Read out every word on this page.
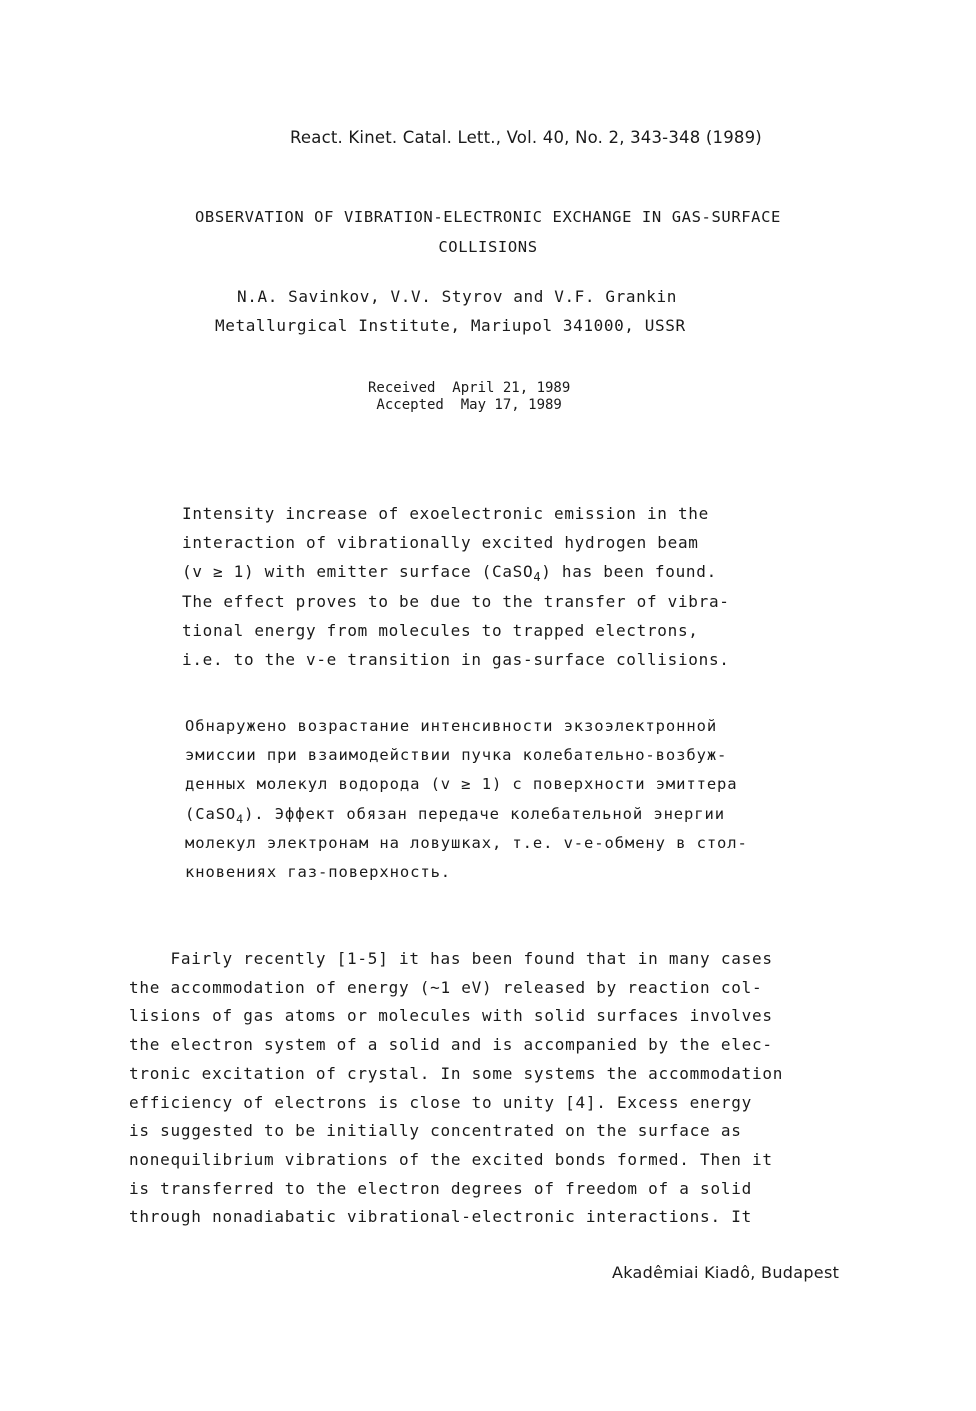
React. Kinet. Catal. Lett., Vol. 40, No. 2, 343-348 (1989)
OBSERVATION OF VIBRATION-ELECTRONIC EXCHANGE IN GAS-SURFACE
COLLISIONS
N.A. Savinkov, V.V. Styrov and V.F. Grankin
Metallurgical Institute, Mariupol 341000, USSR
Received  April 21, 1989
Accepted  May 17, 1989
Intensity increase of exoelectronic emission in the
interaction of vibrationally excited hydrogen beam
(v ≥ 1) with emitter surface (CaSO$_4$) has been found.
The effect proves to be due to the transfer of vibra-
tional energy from molecules to trapped electrons,
i.e. to the v-e transition in gas-surface collisions.
Обнаружено возрастание интенсивности экзоэлектронной
эмиссии при взаимодействии пучка колебательно-возбуж-
денных молекул водорода (v ≥ 1) с поверхности эмиттера
(CaSO$_4$). Эффект обязан передаче колебательной энергии
молекул электронам на ловушках, т.е. v-e-обмену в стол-
кновениях газ-поверхность.
Fairly recently [1-5] it has been found that in many cases
the accommodation of energy (~1 eV) released by reaction col-
lisions of gas atoms or molecules with solid surfaces involves
the electron system of a solid and is accompanied by the elec-
tronic excitation of crystal. In some systems the accommodation
efficiency of electrons is close to unity [4]. Excess energy
is suggested to be initially concentrated on the surface as
nonequilibrium vibrations of the excited bonds formed. Then it
is transferred to the electron degrees of freedom of a solid
through nonadiabatic vibrational-electronic interactions. It
Akadêmiai Kiadô, Budapest
